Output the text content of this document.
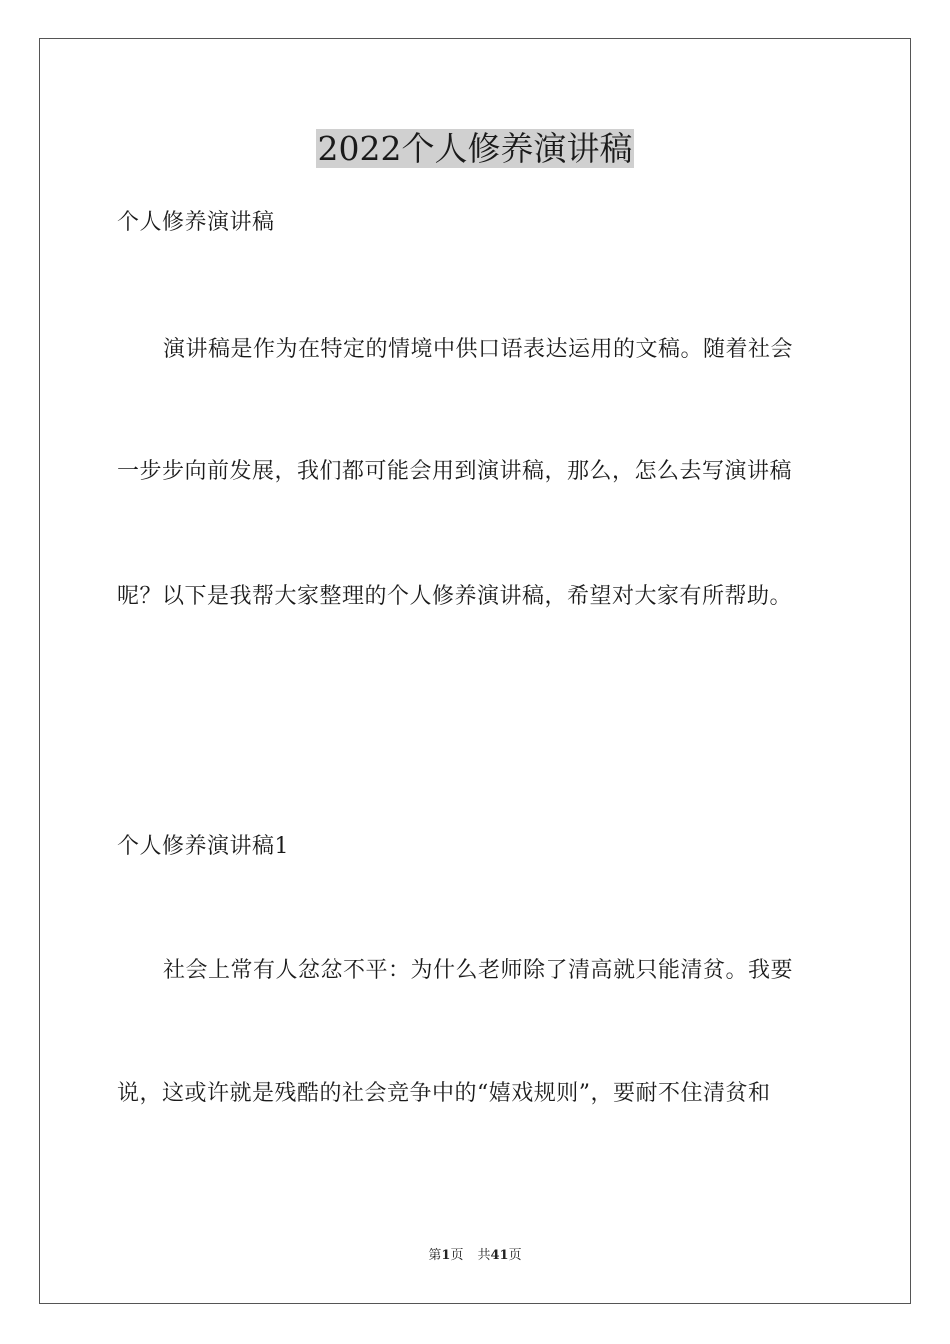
2022个人修养演讲稿
个人修养演讲稿
演讲稿是作为在特定的情境中供口语表达运用的文稿。随着社会
一步步向前发展，我们都可能会用到演讲稿，那么，怎么去写演讲稿
呢？以下是我帮大家整理的个人修养演讲稿，希望对大家有所帮助。
个人修养演讲稿1
社会上常有人忿忿不平：为什么老师除了清高就只能清贫。我要
说，这或许就是残酷的社会竞争中的“嬉戏规则”，要耐不住清贫和
第1页 共41页
